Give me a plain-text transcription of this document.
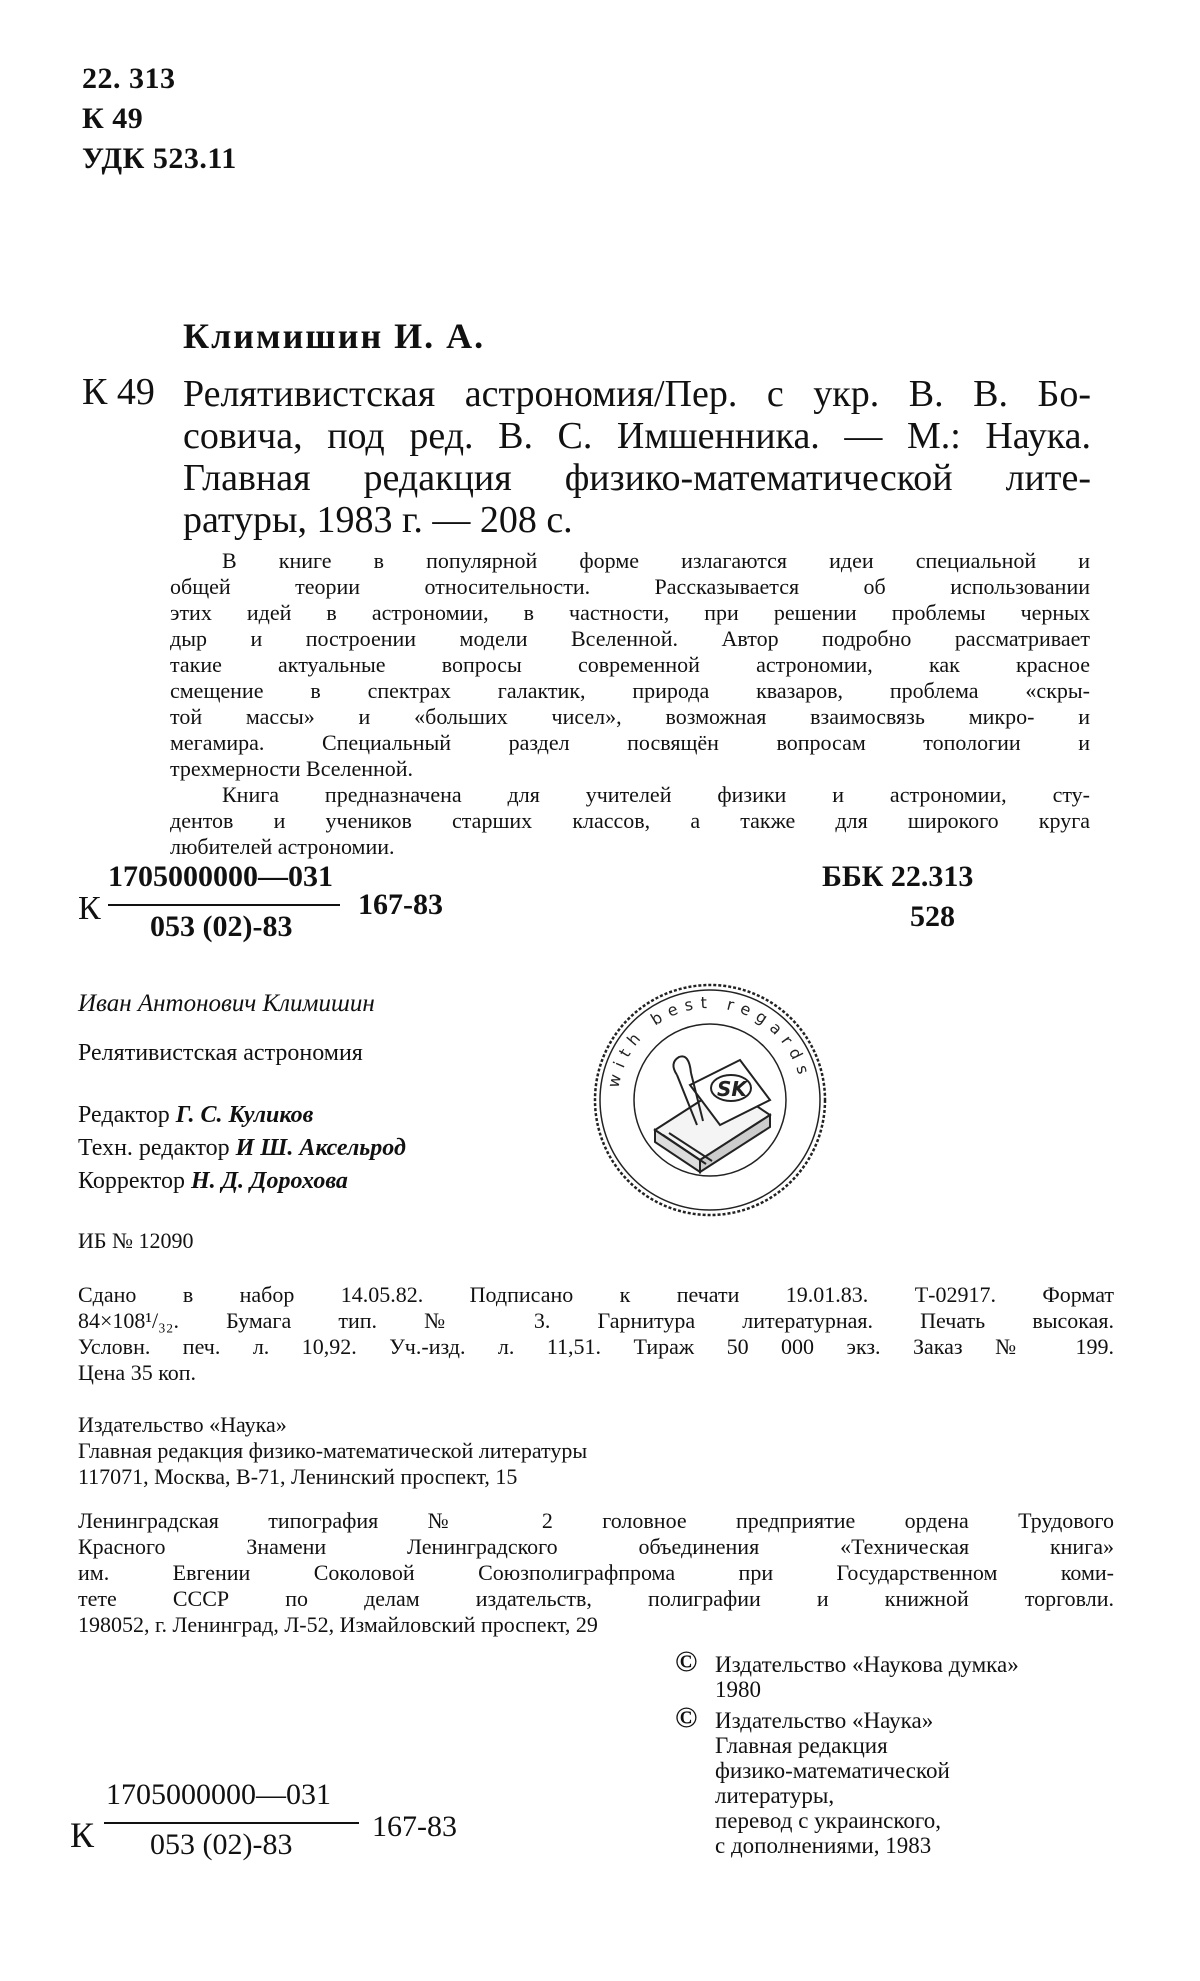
22. 313
К 49
УДК 523.11
Климишин И. А.
К 49 Релятивистская астрономия/Пер. с укр. В. В. Бо-
совича, под ред. В. С. Имшенника. — М.: Наука.
Главная редакция физико-математической лите-
ратуры, 1983 г. — 208 с.
В книге в популярной форме излагаются идеи специальной и
общей теории относительности. Рассказывается об использовании
этих идей в астрономии, в частности, при решении проблемы черных
дыр и построении модели Вселенной. Автор подробно рассматривает
такие актуальные вопросы современной астрономии, как красное
смещение в спектрах галактик, природа квазаров, проблема «скры-
той массы» и «больших чисел», возможная взаимосвязь микро- и
мегамира. Специальный раздел посвящён вопросам топологии и
трехмерности Вселенной.
Книга предназначена для учителей физики и астрономии, сту-
дентов и учеников старших классов, а также для широкого круга
любителей астрономии.
К
1705000000—031
053 (02)-83
167-83
ББК 22.313
528
Иван Антонович Климишин
Релятивистская астрономия
Редактор Г. С. Куликов
Техн. редактор И Ш. Аксельрод
Корректор Н. Д. Дорохова
with best regards
SK
ИБ № 12090
Сдано в набор 14.05.82. Подписано к печати 19.01.83. Т-02917. Формат
84×108¹/₃₂. Бумага тип. № 3. Гарнитура литературная. Печать высокая.
Условн. печ. л. 10,92. Уч.-изд. л. 11,51. Тираж 50 000 экз. Заказ № 199.
Цена 35 коп.
Издательство «Наука»
Главная редакция физико-математической литературы
117071, Москва, В-71, Ленинский проспект, 15
Ленинградская типография № 2 головное предприятие ордена Трудового
Красного Знамени Ленинградского объединения «Техническая книга»
им. Евгении Соколовой Союзполиграфпрома при Государственном коми-
тете СССР по делам издательств, полиграфии и книжной торговли.
198052, г. Ленинград, Л-52, Измайловский проспект, 29
© Издательство «Наукова думка»
1980
© Издательство «Наука»
Главная редакция
физико-математической
литературы,
перевод с украинского,
с дополнениями, 1983
К
1705000000—031
053 (02)-83
167-83
